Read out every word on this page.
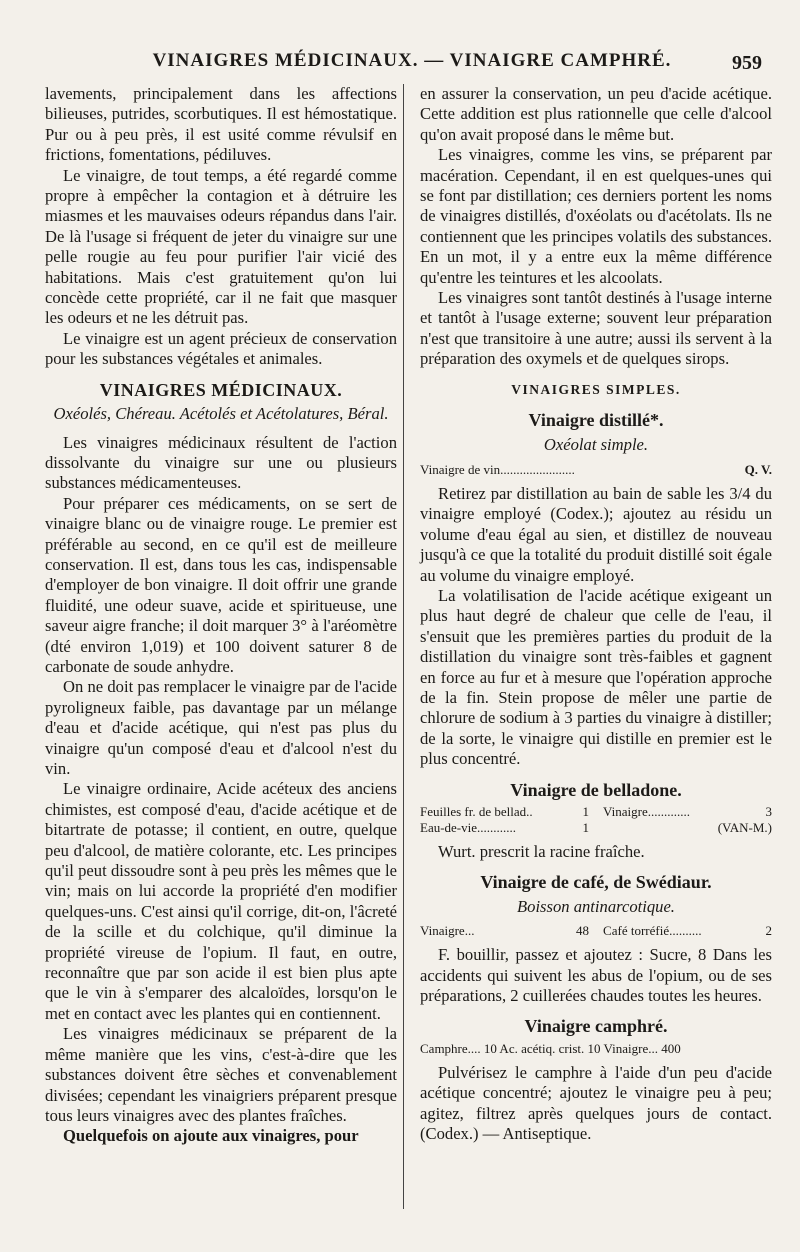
VINAIGRES MÉDICINAUX. — VINAIGRE CAMPHRÉ.	959

lavements, principalement dans les affections bilieuses, putrides, scorbutiques. Il est hémostatique. Pur ou à peu près, il est usité comme révulsif en frictions, fomentations, pédiluves.

Le vinaigre, de tout temps, a été regardé comme propre à empêcher la contagion et à détruire les miasmes et les mauvaises odeurs répandus dans l'air. De là l'usage si fréquent de jeter du vinaigre sur une pelle rougie au feu pour purifier l'air vicié des habitations. Mais c'est gratuitement qu'on lui concède cette propriété, car il ne fait que masquer les odeurs et ne les détruit pas.

Le vinaigre est un agent précieux de conservation pour les substances végétales et animales.

VINAIGRES MÉDICINAUX.
Oxéolés, Chéreau. Acétolés et Acétolatures, Béral.

Les vinaigres médicinaux résultent de l'action dissolvante du vinaigre sur une ou plusieurs substances médicamenteuses.

Pour préparer ces médicaments, on se sert de vinaigre blanc ou de vinaigre rouge. Le premier est préférable au second, en ce qu'il est de meilleure conservation. Il est, dans tous les cas, indispensable d'employer de bon vinaigre. Il doit offrir une grande fluidité, une odeur suave, acide et spiritueuse, une saveur aigre franche; il doit marquer 3° à l'aréomètre (dté environ 1,019) et 100 doivent saturer 8 de carbonate de soude anhydre.

On ne doit pas remplacer le vinaigre par de l'acide pyroligneux faible, pas davantage par un mélange d'eau et d'acide acétique, qui n'est pas plus du vinaigre qu'un composé d'eau et d'alcool n'est du vin.

Le vinaigre ordinaire, Acide acéteux des anciens chimistes, est composé d'eau, d'acide acétique et de bitartrate de potasse; il contient, en outre, quelque peu d'alcool, de matière colorante, etc. Les principes qu'il peut dissoudre sont à peu près les mêmes que le vin; mais on lui accorde la propriété d'en modifier quelques-uns. C'est ainsi qu'il corrige, dit-on, l'âcreté de la scille et du colchique, qu'il diminue la propriété vireuse de l'opium. Il faut, en outre, reconnaître que par son acide il est bien plus apte que le vin à s'emparer des alcaloïdes, lorsqu'on le met en contact avec les plantes qui en contiennent.

Les vinaigres médicinaux se préparent de la même manière que les vins, c'est-à-dire que les substances doivent être sèches et convenablement divisées; cependant les vinaigriers préparent presque tous leurs vinaigres avec des plantes fraîches.

Quelquefois on ajoute aux vinaigres, pour

en assurer la conservation, un peu d'acide acétique. Cette addition est plus rationnelle que celle d'alcool qu'on avait proposé dans le même but.

Les vinaigres, comme les vins, se préparent par macération. Cependant, il en est quelques-unes qui se font par distillation; ces derniers portent les noms de vinaigres distillés, d'oxéolats ou d'acétolats. Ils ne contiennent que les principes volatils des substances. En un mot, il y a entre eux la même différence qu'entre les teintures et les alcoolats.

Les vinaigres sont tantôt destinés à l'usage interne et tantôt à l'usage externe; souvent leur préparation n'est que transitoire à une autre; aussi ils servent à la préparation des oxymels et de quelques sirops.

VINAIGRES SIMPLES.
Vinaigre distillé*.
Oxéolat simple.
Vinaigre de vin.......................	Q. V.

Retirez par distillation au bain de sable les 3/4 du vinaigre employé (Codex.); ajoutez au résidu un volume d'eau égal au sien, et distillez de nouveau jusqu'à ce que la totalité du produit distillé soit égale au volume du vinaigre employé.

La volatilisation de l'acide acétique exigeant un plus haut degré de chaleur que celle de l'eau, il s'ensuit que les premières parties du produit de la distillation du vinaigre sont très-faibles et gagnent en force au fur et à mesure que l'opération approche de la fin. Stein propose de mêler une partie de chlorure de sodium à 3 parties du vinaigre à distiller; de la sorte, le vinaigre qui distille en premier est le plus concentré.

Vinaigre de belladone.
Feuilles fr. de bellad..	1 Vinaigre.............	3
Eau-de-vie............	1	(VAN-M.)

Wurt. prescrit la racine fraîche.

Vinaigre de café, de Swédiaur.
Boisson antinarcotique.
Vinaigre...	48 Café torréfié..........	2

F. bouillir, passez et ajoutez : Sucre, 8 Dans les accidents qui suivent les abus de l'opium, ou de ses préparations, 2 cuillerées chaudes toutes les heures.

Vinaigre camphré.
Camphre.... 10 Ac. acétiq. crist. 10 Vinaigre... 400

Pulvérisez le camphre à l'aide d'un peu d'acide acétique concentré; ajoutez le vinaigre peu à peu; agitez, filtrez après quelques jours de contact. (Codex.) — Antiseptique.
